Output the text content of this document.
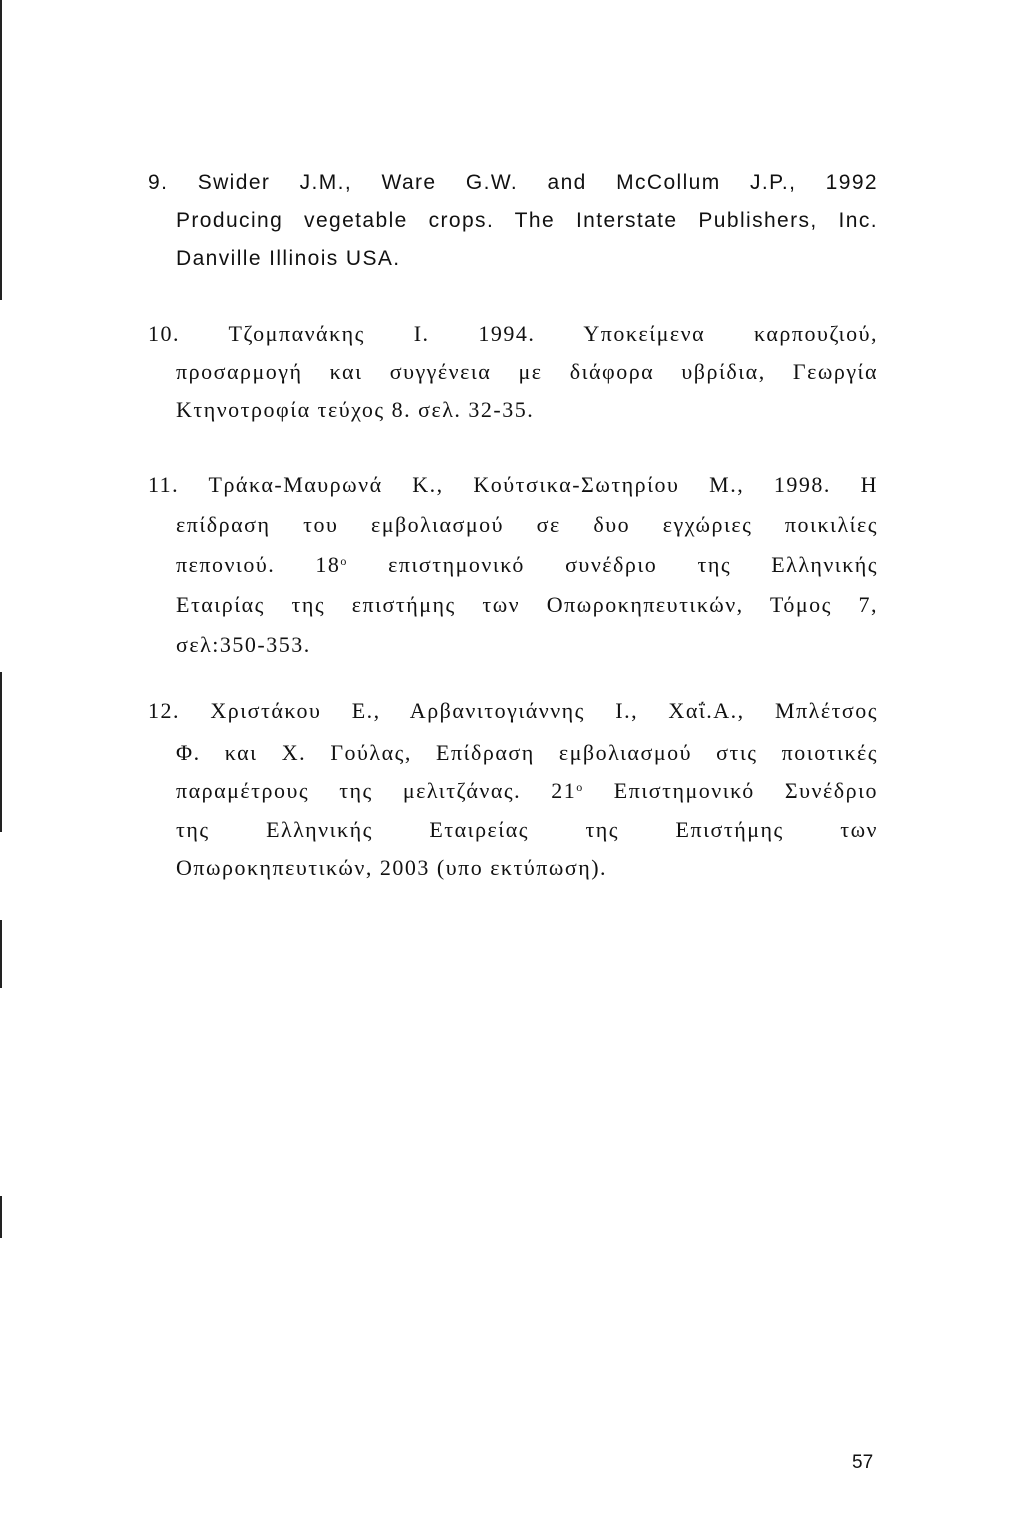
9. Swider J.M., Ware G.W. and McCollum J.P., 1992
Producing vegetable crops. The Interstate Publishers, Inc.
Danville Illinois USA.
10. Τζομπανάκης Ι. 1994. Υποκείμενα καρπουζιού,
προσαρμογή και συγγένεια με διάφορα υβρίδια, Γεωργία
Κτηνοτροφία τεύχος 8. σελ. 32-35.
11. Τράκα-Μαυρωνά Κ., Κούτσικα-Σωτηρίου Μ., 1998. Η
επίδραση του εμβολιασμού σε δυο εγχώριες ποικιλίες
πεπονιού. $18^o$ επιστημονικό συνέδριο της Ελληνικής
Εταιρίας της επιστήμης των Οπωροκηπευτικών, Τόμος 7,
σελ:350-353.
12. Χριστάκου Ε., Αρβανιτογιάννης Ι., Χαΐ.Α., Μπλέτσος
Φ. και Χ. Γούλας, Επίδραση εμβολιασμού στις ποιοτικές
παραμέτρους της μελιτζάνας. $21^o$ Επιστημονικό Συνέδριο
της Ελληνικής Εταιρείας της Επιστήμης των
Οπωροκηπευτικών, 2003 (υπο εκτύπωση).
57
